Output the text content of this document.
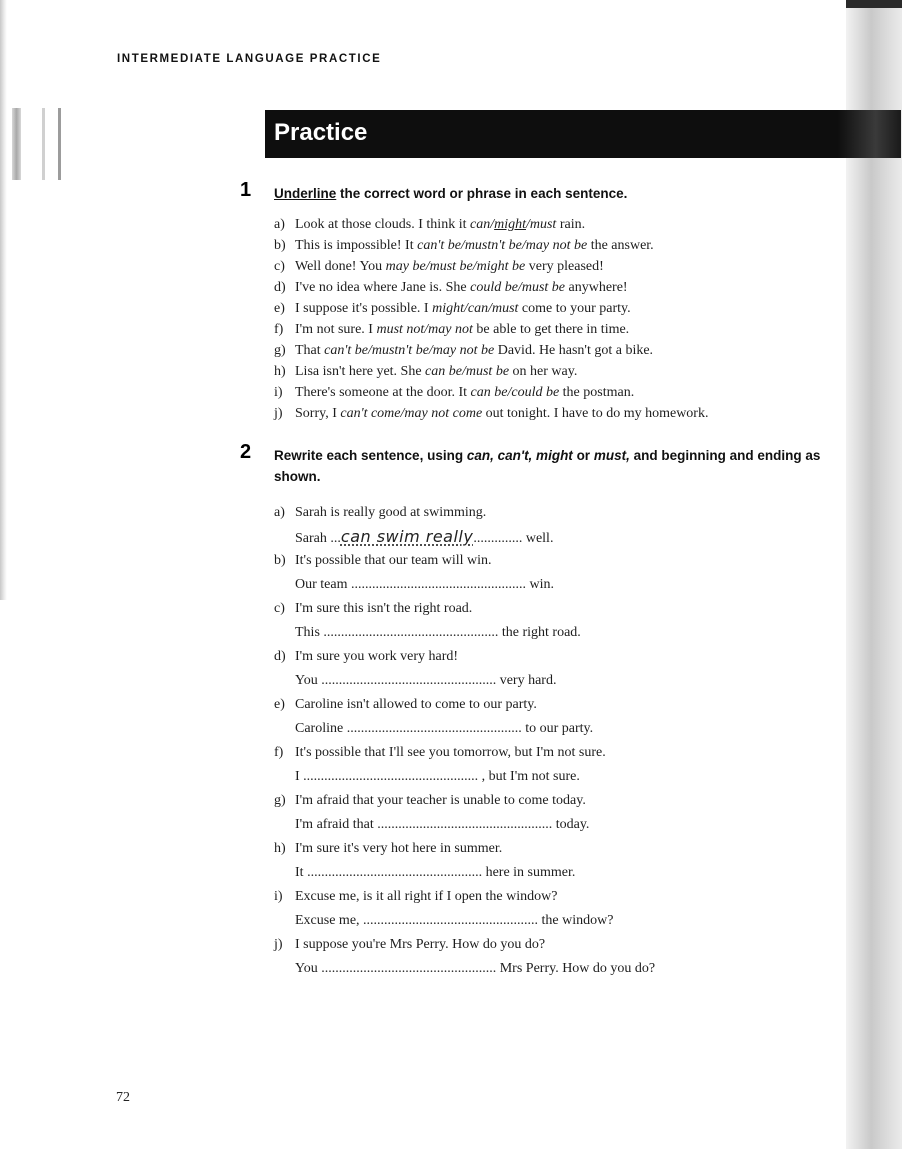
INTERMEDIATE LANGUAGE PRACTICE
Practice
1 Underline the correct word or phrase in each sentence.
a) Look at those clouds. I think it can/might/must rain.
b) This is impossible! It can't be/mustn't be/may not be the answer.
c) Well done! You may be/must be/might be very pleased!
d) I've no idea where Jane is. She could be/must be anywhere!
e) I suppose it's possible. I might/can/must come to your party.
f) I'm not sure. I must not/may not be able to get there in time.
g) That can't be/mustn't be/may not be David. He hasn't got a bike.
h) Lisa isn't here yet. She can be/must be on her way.
i) There's someone at the door. It can be/could be the postman.
j) Sorry, I can't come/may not come out tonight. I have to do my homework.
2 Rewrite each sentence, using can, can't, might or must, and beginning and ending as shown.
a) Sarah is really good at swimming.
Sarah ...can swim really.............. well.
b) It's possible that our team will win.
Our team .................................................. win.
c) I'm sure this isn't the right road.
This .................................................. the right road.
d) I'm sure you work very hard!
You .................................................. very hard.
e) Caroline isn't allowed to come to our party.
Caroline .................................................. to our party.
f) It's possible that I'll see you tomorrow, but I'm not sure.
I .................................................. , but I'm not sure.
g) I'm afraid that your teacher is unable to come today.
I'm afraid that .................................................. today.
h) I'm sure it's very hot here in summer.
It .................................................. here in summer.
i) Excuse me, is it all right if I open the window?
Excuse me, .................................................. the window?
j) I suppose you're Mrs Perry. How do you do?
You .................................................. Mrs Perry. How do you do?
72
